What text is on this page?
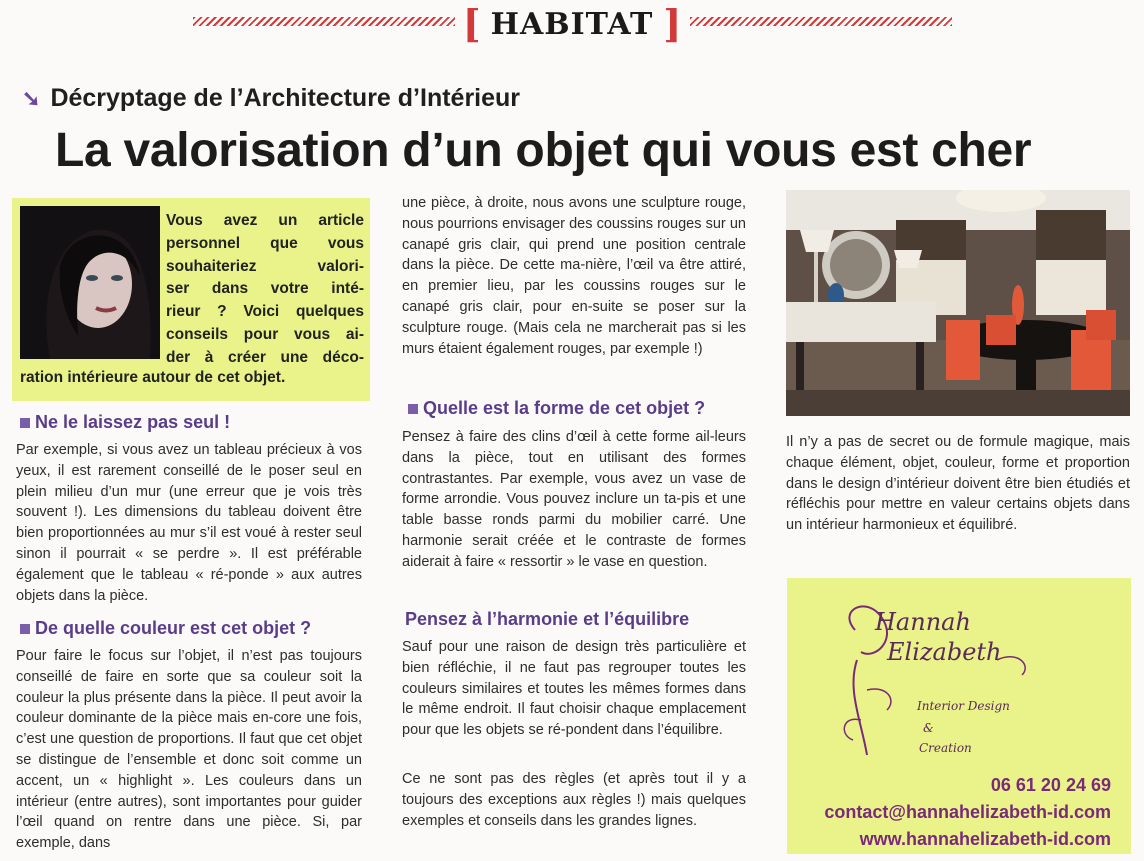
[ HABITAT ]
➘ Décryptage de l’Architecture d’Intérieur
La valorisation d’un objet qui vous est cher
Vous avez un article
personnel que vous
souhaiteriez valori-
ser dans votre inté-
rieur ? Voici quelques
conseils pour vous ai-
der à créer une déco-
ration intérieure autour de cet objet.
Ne le laissez pas seul !
Par exemple, si vous avez un tableau précieux à vos yeux, il est rarement conseillé de le poser seul en plein milieu d’un mur (une erreur que je vois très souvent !). Les dimensions du tableau doivent être bien proportionnées au mur s’il est voué à rester seul sinon il pourrait « se perdre ». Il est préférable également que le tableau « ré-ponde » aux autres objets dans la pièce.
De quelle couleur est cet objet ?
Pour faire le focus sur l’objet, il n’est pas toujours conseillé de faire en sorte que sa couleur soit la couleur la plus présente dans la pièce. Il peut avoir la couleur dominante de la pièce mais en-core une fois, c’est une question de proportions. Il faut que cet objet se distingue de l’ensemble et donc soit comme un accent, un « highlight ». Les couleurs dans un intérieur (entre autres), sont importantes pour guider l’œil quand on rentre dans une pièce. Si, par exemple, dans
une pièce, à droite, nous avons une sculpture rouge, nous pourrions envisager des coussins rouges sur un canapé gris clair, qui prend une position centrale dans la pièce. De cette ma-nière, l’œil va être attiré, en premier lieu, par les coussins rouges sur le canapé gris clair, pour en-suite se poser sur la sculpture rouge. (Mais cela ne marcherait pas si les murs étaient également rouges, par exemple !)
Quelle est la forme de cet objet ?
Pensez à faire des clins d’œil à cette forme ail-leurs dans la pièce, tout en utilisant des formes contrastantes. Par exemple, vous avez un vase de forme arrondie. Vous pouvez inclure un ta-pis et une table basse ronds parmi du mobilier carré. Une harmonie serait créée et le contraste de formes aiderait à faire « ressortir » le vase en question.
Pensez à l’harmonie et l’équilibre
Sauf pour une raison de design très particulière et bien réfléchie, il ne faut pas regrouper toutes les couleurs similaires et toutes les mêmes formes dans le même endroit. Il faut choisir chaque emplacement pour que les objets se ré-pondent dans l’équilibre.
Ce ne sont pas des règles (et après tout il y a toujours des exceptions aux règles !) mais quelques exemples et conseils dans les grandes lignes.
Il n’y a pas de secret ou de formule magique, mais chaque élément, objet, couleur, forme et proportion dans le design d’intérieur doivent être bien étudiés et réfléchis pour mettre en valeur certains objets dans un intérieur harmonieux et équilibré.
Hannah
Elizabeth
Interior Design
&
Creation
06 61 20 24 69
contact@hannahelizabeth-id.com
www.hannahelizabeth-id.com
